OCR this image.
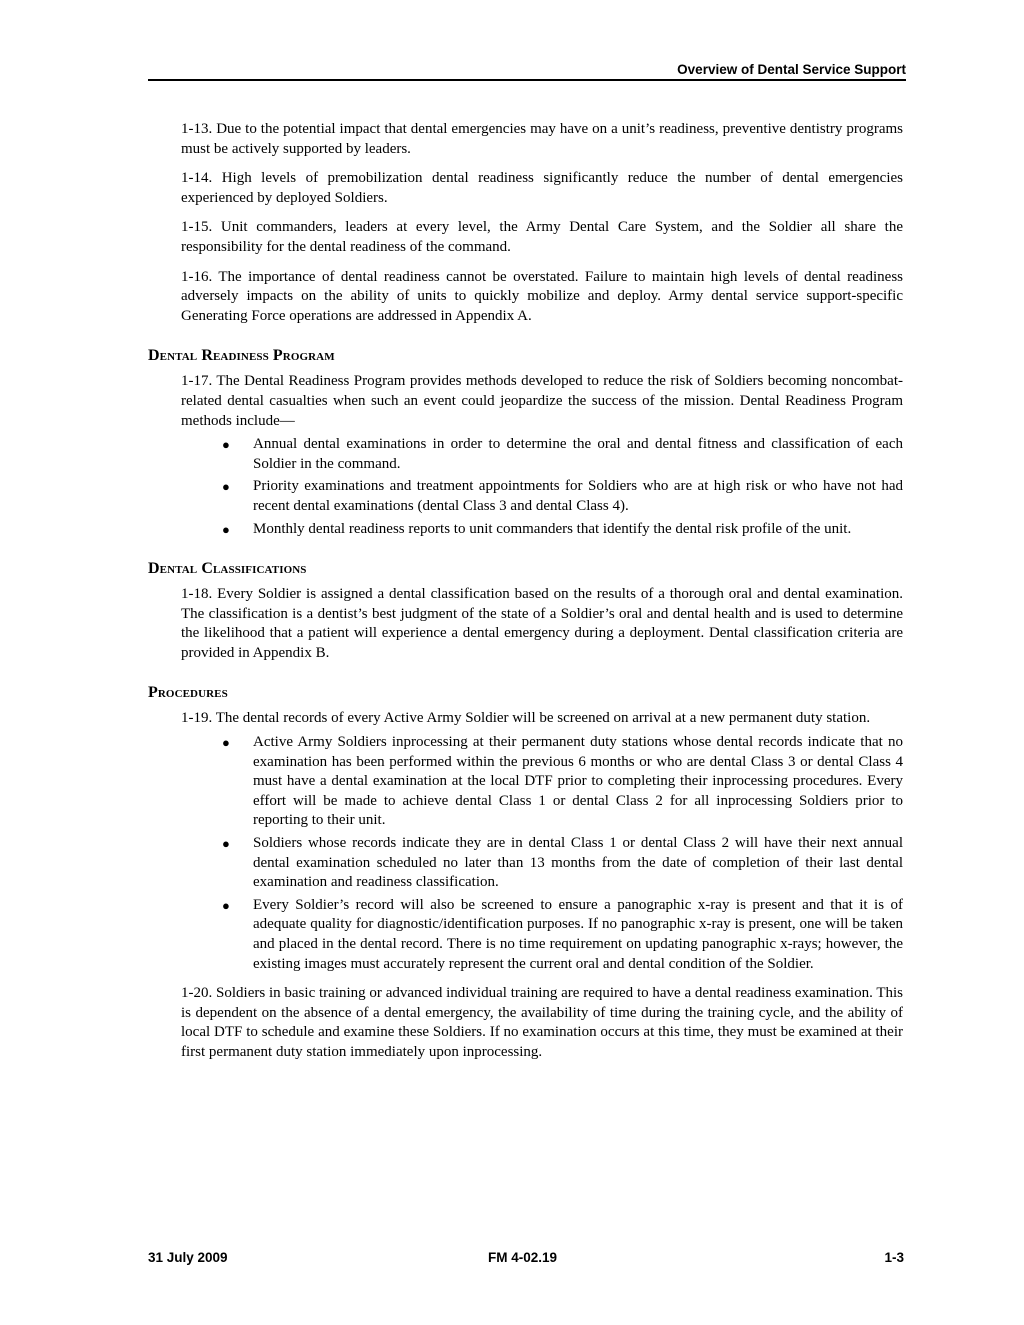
Overview of Dental Service Support

1-13. Due to the potential impact that dental emergencies may have on a unit’s readiness, preventive dentistry programs must be actively supported by leaders.

1-14. High levels of premobilization dental readiness significantly reduce the number of dental emergencies experienced by deployed Soldiers.

1-15. Unit commanders, leaders at every level, the Army Dental Care System, and the Soldier all share the responsibility for the dental readiness of the command.

1-16. The importance of dental readiness cannot be overstated. Failure to maintain high levels of dental readiness adversely impacts on the ability of units to quickly mobilize and deploy. Army dental service support-specific Generating Force operations are addressed in Appendix A.

Dental Readiness Program

1-17. The Dental Readiness Program provides methods developed to reduce the risk of Soldiers becoming noncombat-related dental casualties when such an event could jeopardize the success of the mission. Dental Readiness Program methods include—

● Annual dental examinations in order to determine the oral and dental fitness and classification of each Soldier in the command.
● Priority examinations and treatment appointments for Soldiers who are at high risk or who have not had recent dental examinations (dental Class 3 and dental Class 4).
● Monthly dental readiness reports to unit commanders that identify the dental risk profile of the unit.
Dental Classifications

1-18. Every Soldier is assigned a dental classification based on the results of a thorough oral and dental examination. The classification is a dentist’s best judgment of the state of a Soldier’s oral and dental health and is used to determine the likelihood that a patient will experience a dental emergency during a deployment. Dental classification criteria are provided in Appendix B.

Procedures

1-19. The dental records of every Active Army Soldier will be screened on arrival at a new permanent duty station.

● Active Army Soldiers inprocessing at their permanent duty stations whose dental records indicate that no examination has been performed within the previous 6 months or who are dental Class 3 or dental Class 4 must have a dental examination at the local DTF prior to completing their inprocessing procedures. Every effort will be made to achieve dental Class 1 or dental Class 2 for all inprocessing Soldiers prior to reporting to their unit.
● Soldiers whose records indicate they are in dental Class 1 or dental Class 2 will have their next annual dental examination scheduled no later than 13 months from the date of completion of their last dental examination and readiness classification.
● Every Soldier’s record will also be screened to ensure a panographic x-ray is present and that it is of adequate quality for diagnostic/identification purposes. If no panographic x-ray is present, one will be taken and placed in the dental record. There is no time requirement on updating panographic x-rays; however, the existing images must accurately represent the current oral and dental condition of the Soldier.

1-20. Soldiers in basic training or advanced individual training are required to have a dental readiness examination. This is dependent on the absence of a dental emergency, the availability of time during the training cycle, and the ability of local DTF to schedule and examine these Soldiers. If no examination occurs at this time, they must be examined at their first permanent duty station immediately upon inprocessing.

31 July 2009	FM 4-02.19	1-3
